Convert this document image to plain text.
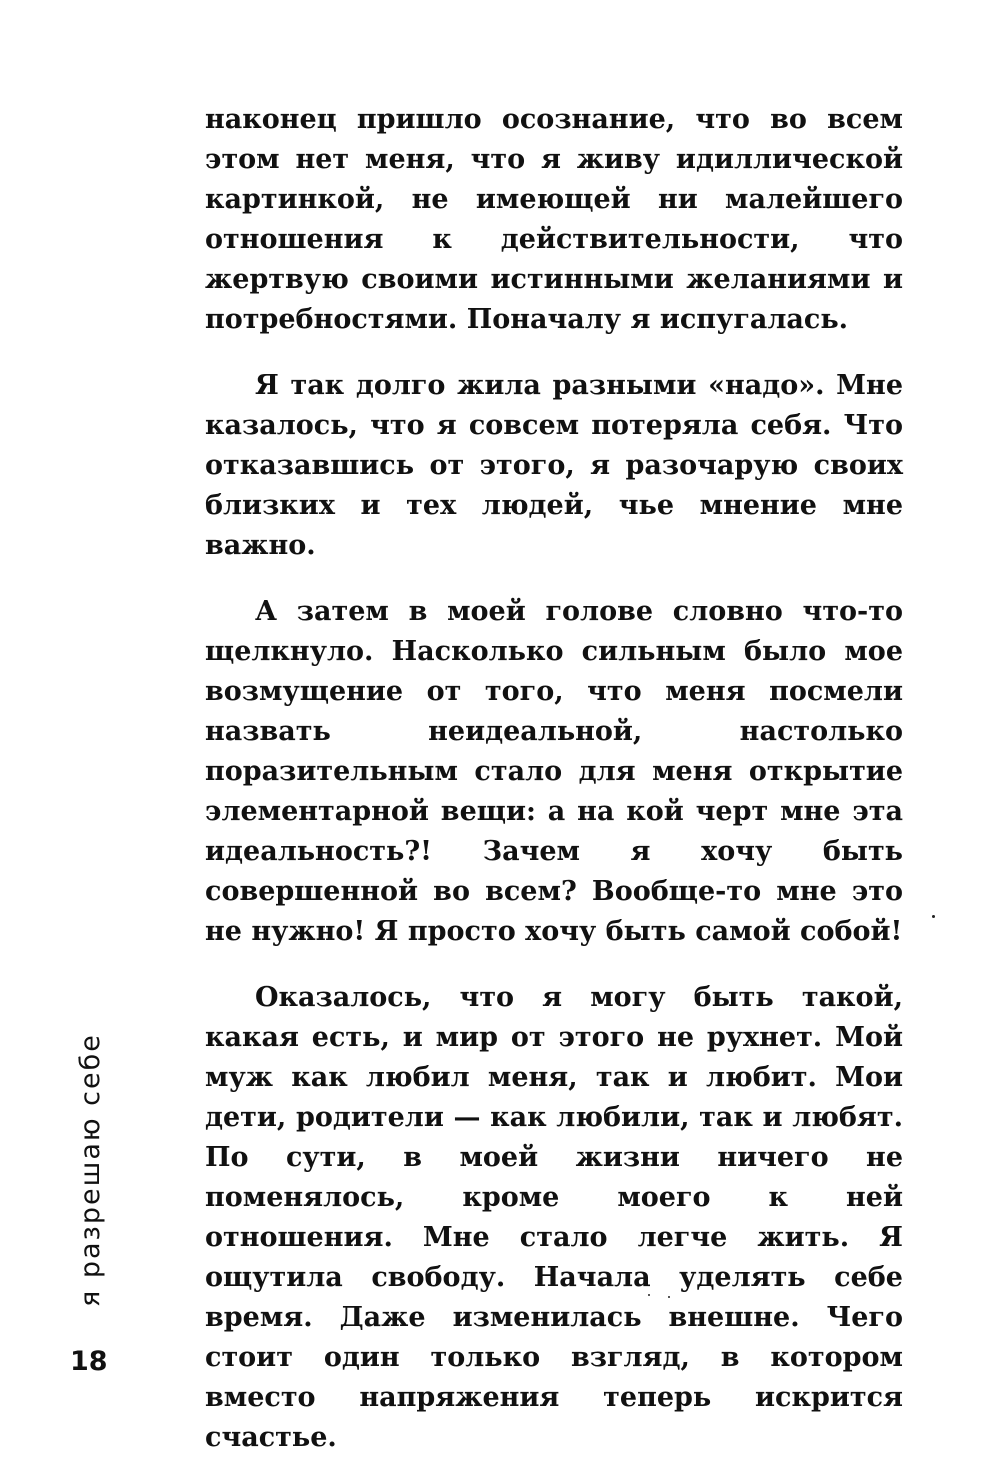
наконец пришло осознание, что во всем этом нет меня, что я живу идиллической картинкой, не имеющей ни малейшего отношения к действительности, что жертвую своими истинными желаниями и потребностями. Поначалу я испугалась.

Я так долго жила разными «надо». Мне казалось, что я совсем потеряла себя. Что отказавшись от этого, я разочарую своих близких и тех людей, чье мнение мне важно.

А затем в моей голове словно что-то щелкнуло. Насколько сильным было мое возмущение от того, что меня посмели назвать неидеальной, настолько поразительным стало для меня открытие элементарной вещи: а на кой черт мне эта идеальность?! Зачем я хочу быть совершенной во всем? Вообще-то мне это не нужно! Я просто хочу быть самой собой!

Оказалось, что я могу быть такой, какая есть, и мир от этого не рухнет. Мой муж как любил меня, так и любит. Мои дети, родители — как любили, так и любят. По сути, в моей жизни ничего не поменялось, кроме моего к ней отношения. Мне стало легче жить. Я ощутила свободу. Начала уделять себе время. Даже изменилась внешне. Чего стоит один только взгляд, в котором вместо напряжения теперь искрится счастье.

я разрешаю себе
18
